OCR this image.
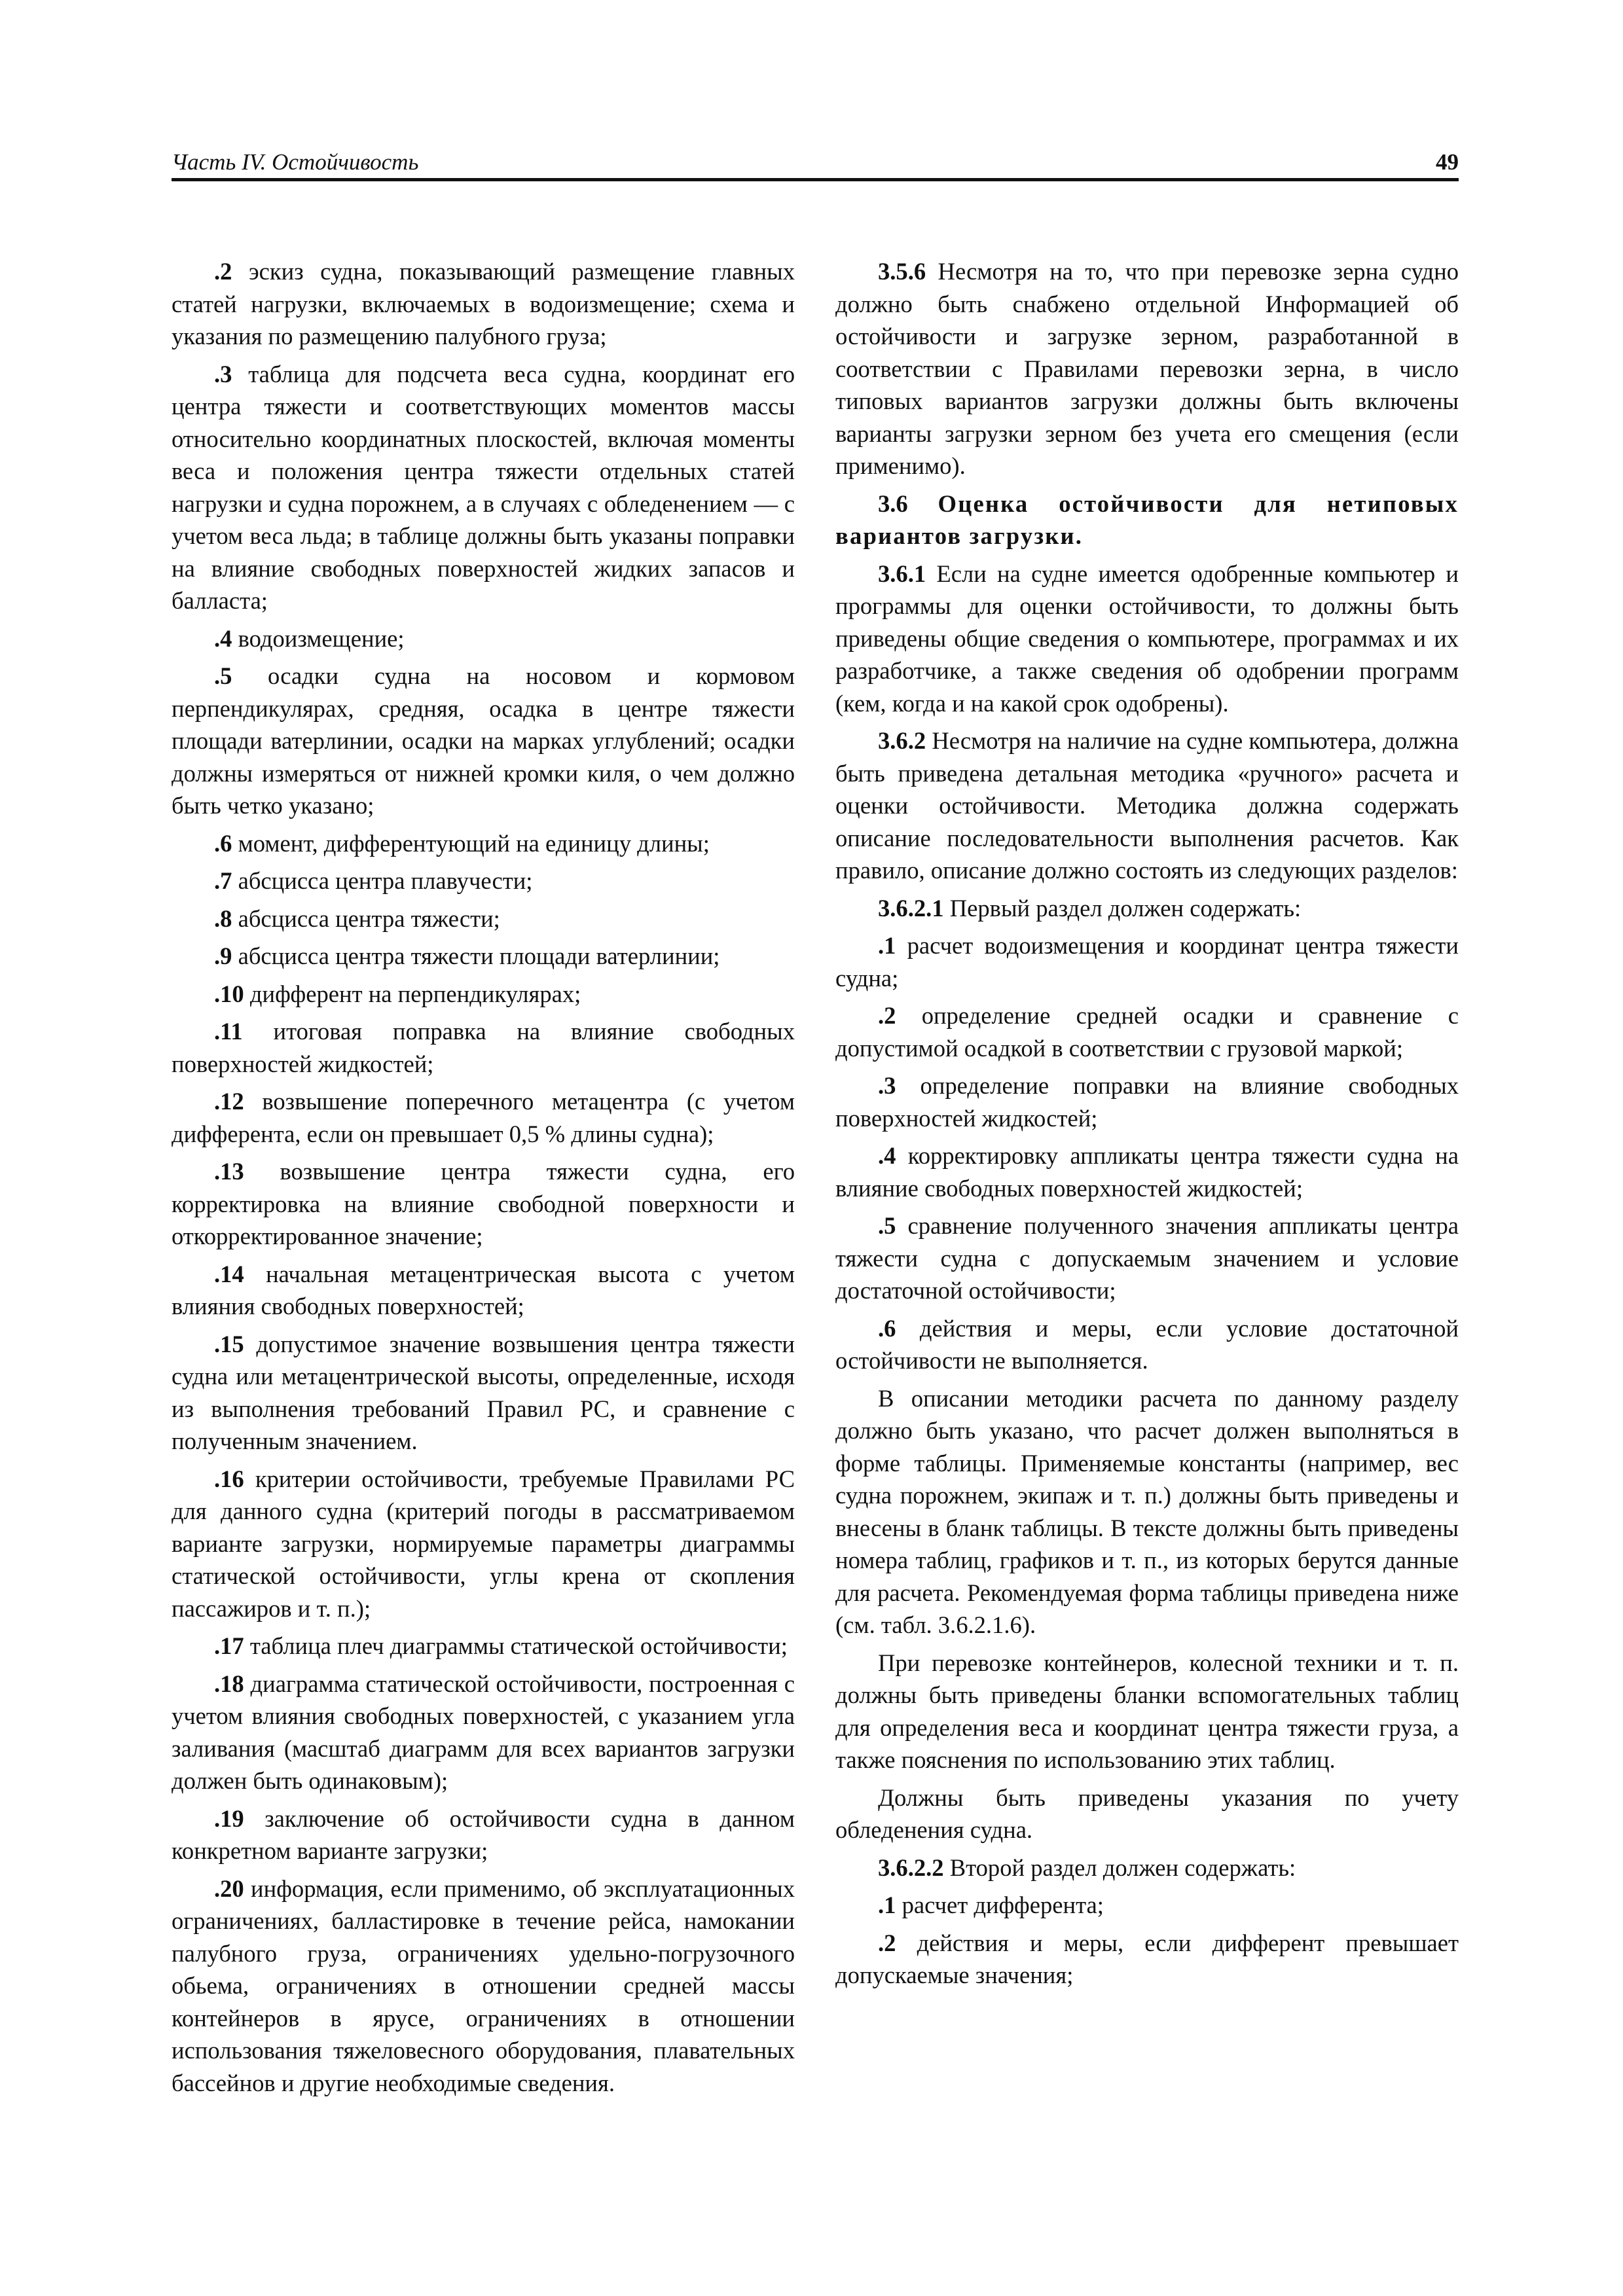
Часть IV. Остойчивость	49

.2 эскиз судна, показывающий размещение главных статей нагрузки, включаемых в водоизмещение; схема и указания по размещению палубного груза;

.3 таблица для подсчета веса судна, координат его центра тяжести и соответствующих моментов массы относительно координатных плоскостей, включая моменты веса и положения центра тяжести отдельных статей нагрузки и судна порожнем, а в случаях с обледенением — с учетом веса льда; в таблице должны быть указаны поправки на влияние свободных поверхностей жидких запасов и балласта;

.4 водоизмещение;

.5 осадки судна на носовом и кормовом перпендикулярах, средняя, осадка в центре тяжести площади ватерлинии, осадки на марках углублений; осадки должны измеряться от нижней кромки киля, о чем должно быть четко указано;

.6 момент, дифферентующий на единицу длины;

.7 абсцисса центра плавучести;

.8 абсцисса центра тяжести;

.9 абсцисса центра тяжести площади ватерлинии;

.10 дифферент на перпендикулярах;

.11 итоговая поправка на влияние свободных поверхностей жидкостей;

.12 возвышение поперечного метацентра (с учетом дифферента, если он превышает 0,5 % длины судна);

.13 возвышение центра тяжести судна, его корректировка на влияние свободной поверхности и откорректированное значение;

.14 начальная метацентрическая высота с учетом влияния свободных поверхностей;

.15 допустимое значение возвышения центра тяжести судна или метацентрической высоты, определенные, исходя из выполнения требований Правил РС, и сравнение с полученным значением.

.16 критерии остойчивости, требуемые Правилами РС для данного судна (критерий погоды в рассматриваемом варианте загрузки, нормируемые параметры диаграммы статической остойчивости, углы крена от скопления пассажиров и т. п.);

.17 таблица плеч диаграммы статической остойчивости;

.18 диаграмма статической остойчивости, построенная с учетом влияния свободных поверхностей, с указанием угла заливания (масштаб диаграмм для всех вариантов загрузки должен быть одинаковым);

.19 заключение об остойчивости судна в данном конкретном варианте загрузки;

.20 информация, если применимо, об эксплуатационных ограничениях, балластировке в течение рейса, намокании палубного груза, ограничениях удельно-погрузочного обьема, ограничениях в отношении средней массы контейнеров в ярусе, ограничениях в отношении использования тяжеловесного оборудования, плавательных бассейнов и другие необходимые сведения.

3.5.6 Несмотря на то, что при перевозке зерна судно должно быть снабжено отдельной Информацией об остойчивости и загрузке зерном, разработанной в соответствии с Правилами перевозки зерна, в число типовых вариантов загрузки должны быть включены варианты загрузки зерном без учета его смещения (если применимо).

3.6 Оценка остойчивости для нетиповых вариантов загрузки.

3.6.1 Если на судне имеется одобренные компьютер и программы для оценки остойчивости, то должны быть приведены общие сведения о компьютере, программах и их разработчике, а также сведения об одобрении программ (кем, когда и на какой срок одобрены).

3.6.2 Несмотря на наличие на судне компьютера, должна быть приведена детальная методика «ручного» расчета и оценки остойчивости. Методика должна содержать описание последовательности выполнения расчетов. Как правило, описание должно состоять из следующих разделов:

3.6.2.1 Первый раздел должен содержать:

.1 расчет водоизмещения и координат центра тяжести судна;

.2 определение средней осадки и сравнение с допустимой осадкой в соответствии с грузовой маркой;

.3 определение поправки на влияние свободных поверхностей жидкостей;

.4 корректировку аппликаты центра тяжести судна на влияние свободных поверхностей жидкостей;

.5 сравнение полученного значения аппликаты центра тяжести судна с допускаемым значением и условие достаточной остойчивости;

.6 действия и меры, если условие достаточной остойчивости не выполняется.

В описании методики расчета по данному разделу должно быть указано, что расчет должен выполняться в форме таблицы. Применяемые константы (например, вес судна порожнем, экипаж и т. п.) должны быть приведены и внесены в бланк таблицы. В тексте должны быть приведены номера таблиц, графиков и т. п., из которых берутся данные для расчета. Рекомендуемая форма таблицы приведена ниже (см. табл. 3.6.2.1.6).

При перевозке контейнеров, колесной техники и т. п. должны быть приведены бланки вспомогательных таблиц для определения веса и координат центра тяжести груза, а также пояснения по использованию этих таблиц.

Должны быть приведены указания по учету обледенения судна.

3.6.2.2 Второй раздел должен содержать:

.1 расчет дифферента;

.2 действия и меры, если дифферент превышает допускаемые значения;
